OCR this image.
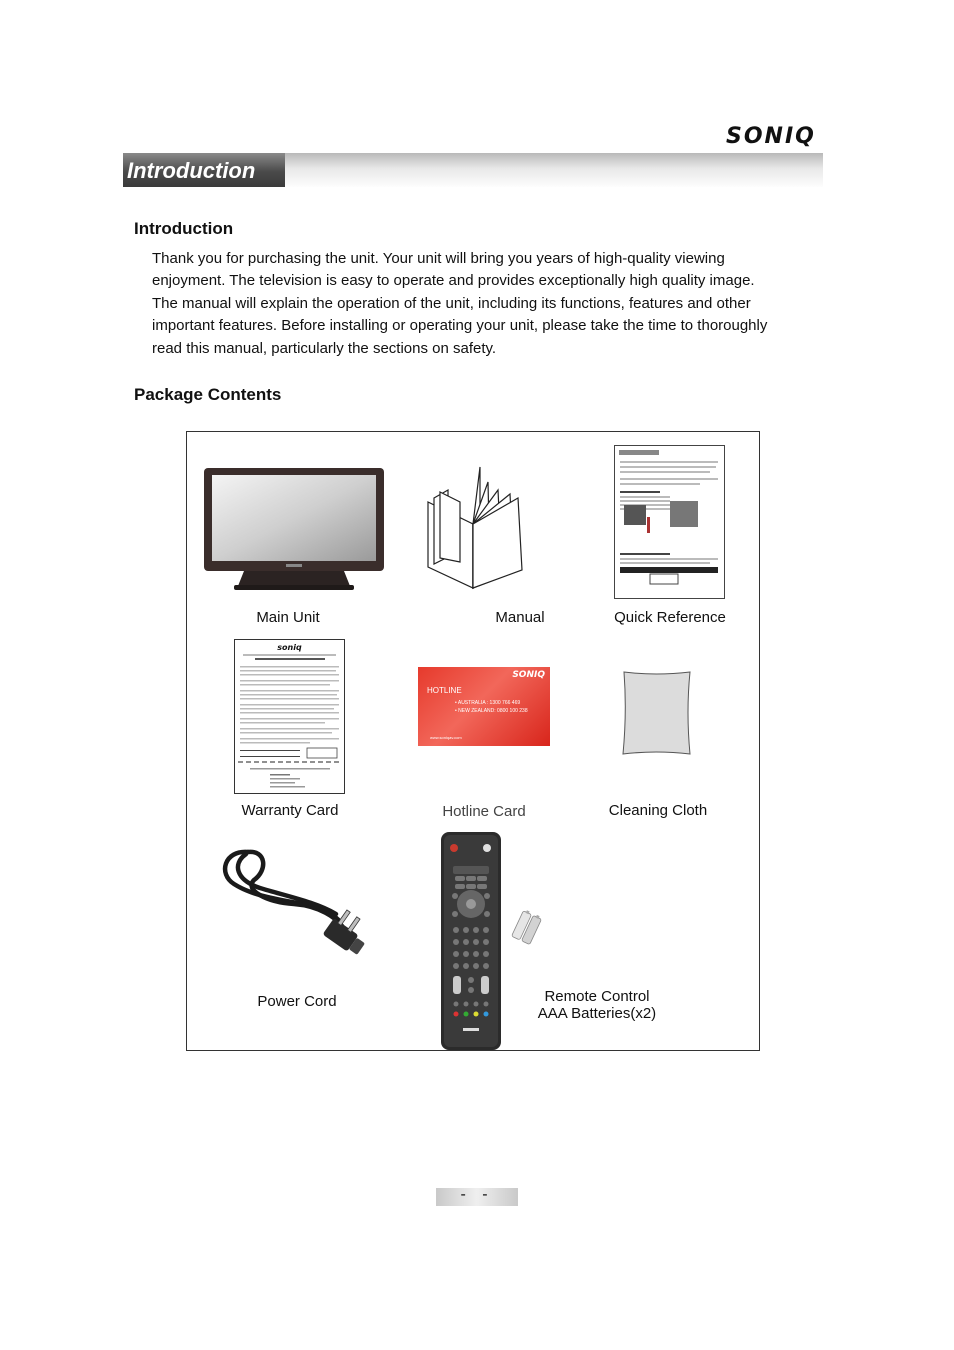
SONIQ
Introduction
Introduction

Thank you for purchasing the unit. Your unit will bring you years of high-quality viewing
enjoyment. The television is easy to operate and provides exceptionally high quality image.
The manual will explain the operation of the unit, including its functions, features and other
important features. Before installing or operating your unit, please take the time to thoroughly
read this manual, particularly the sections on safety.

Package Contents
Main Unit	Manual	Quick Reference
soniq
Warranty Card
SONIQ
HOTLINE
• AUSTRALIA : 1300 766 469
• NEW ZEALAND: 0800 100 238
www.soniqav.com
Hotline Card	Cleaning Cloth
Power Cord	Remote Control
AAA Batteries(x2)
- -
